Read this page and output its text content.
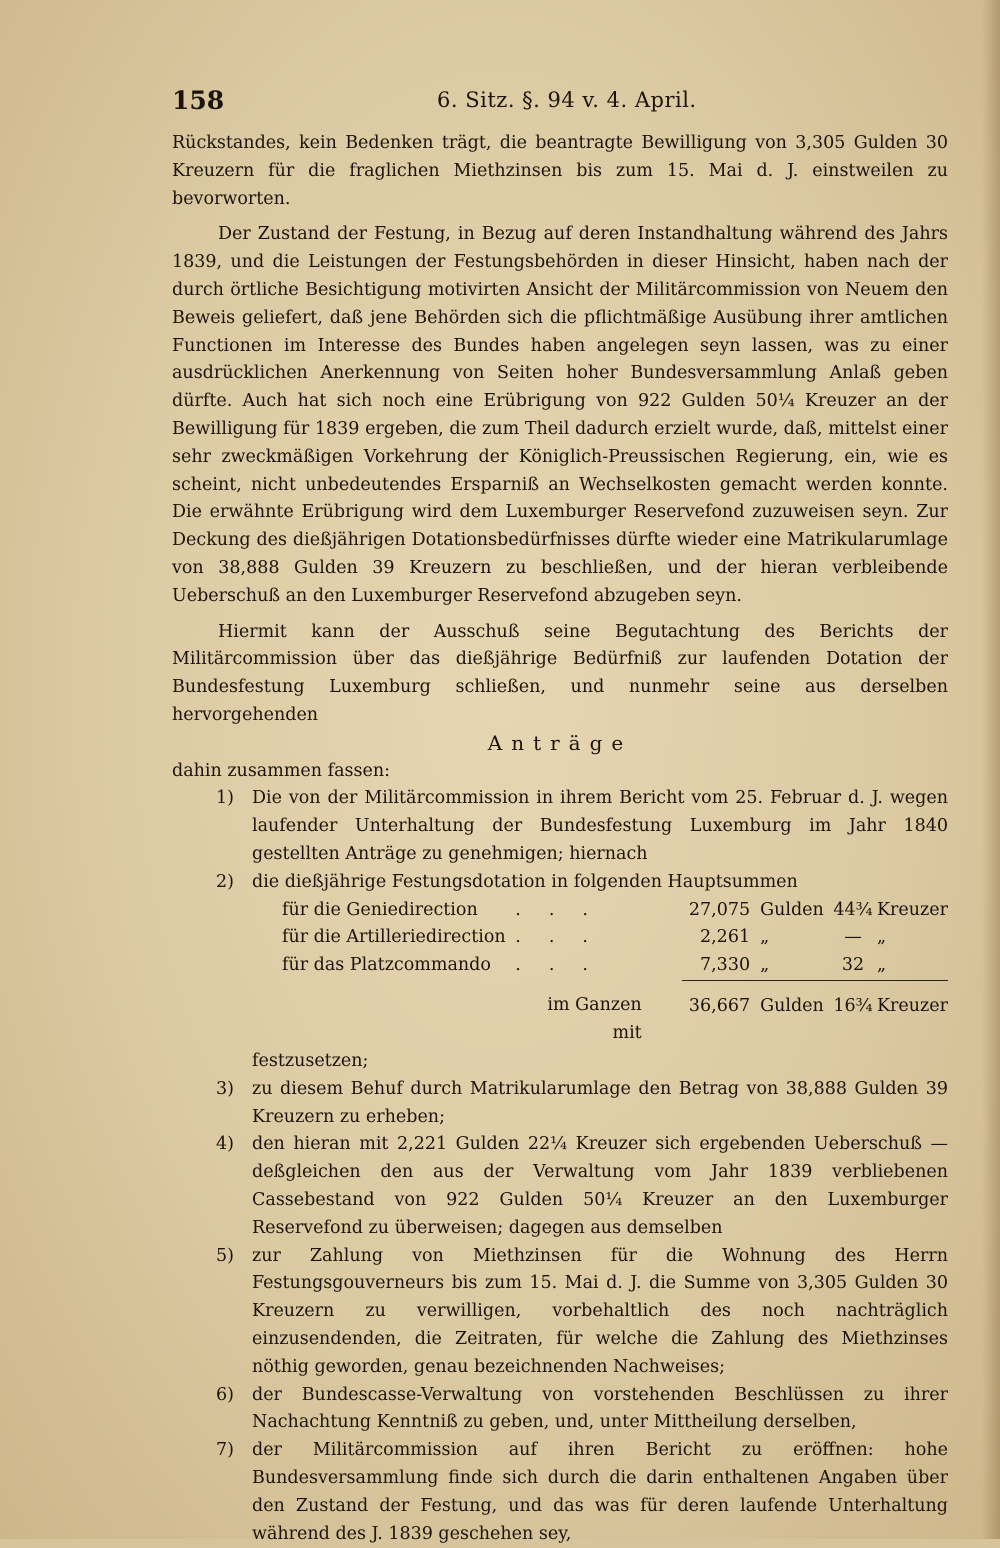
158	6. Sitz. §. 94 v. 4. April.

Rückstandes, kein Bedenken trägt, die beantragte Bewilligung von 3,305 Gulden 30 Kreuzern für die fraglichen Miethzinsen bis zum 15. Mai d. J. einstweilen zu bevorworten.

Der Zustand der Festung, in Bezug auf deren Instandhaltung während des Jahrs 1839, und die Leistungen der Festungsbehörden in dieser Hinsicht, haben nach der durch örtliche Besichtigung motivirten Ansicht der Militärcommission von Neuem den Beweis geliefert, daß jene Behörden sich die pflichtmäßige Ausübung ihrer amtlichen Functionen im Interesse des Bundes haben angelegen seyn lassen, was zu einer ausdrücklichen Anerkennung von Seiten hoher Bundesversammlung Anlaß geben dürfte. Auch hat sich noch eine Erübrigung von 922 Gulden 50¼ Kreuzer an der Bewilligung für 1839 ergeben, die zum Theil dadurch erzielt wurde, daß, mittelst einer sehr zweckmäßigen Vorkehrung der Königlich-Preussischen Regierung, ein, wie es scheint, nicht unbedeutendes Ersparniß an Wechselkosten gemacht werden konnte. Die erwähnte Erübrigung wird dem Luxemburger Reservefond zuzuweisen seyn. Zur Deckung des dießjährigen Dotationsbedürfnisses dürfte wieder eine Matrikularumlage von 38,888 Gulden 39 Kreuzern zu beschließen, und der hieran verbleibende Ueberschuß an den Luxemburger Reservefond abzugeben seyn.

Hiermit kann der Ausschuß seine Begutachtung des Berichts der Militärcommission über das dießjährige Bedürfniß zur laufenden Dotation der Bundesfestung Luxemburg schließen, und nunmehr seine aus derselben hervorgehenden

Anträge

dahin zusammen fassen:

1) Die von der Militärcommission in ihrem Bericht vom 25. Februar d. J. wegen laufender Unterhaltung der Bundesfestung Luxemburg im Jahr 1840 gestellten Anträge zu genehmigen; hiernach

2) die dießjährige Festungsdotation in folgenden Hauptsummen

für die Geniedirection	...	27,075	Gulden	44¾	Kreuzer
für die Artilleriedirection	...	2,261	„	—	„
für das Platzcommando	...	7,330	„	32	„
	im Ganzen mit	36,667	Gulden	16¾	Kreuzer

festzusetzen;

3) zu diesem Behuf durch Matrikularumlage den Betrag von 38,888 Gulden 39 Kreuzern zu erheben;

4) den hieran mit 2,221 Gulden 22¼ Kreuzer sich ergebenden Ueberschuß — deßgleichen den aus der Verwaltung vom Jahr 1839 verbliebenen Cassebestand von 922 Gulden 50¼ Kreuzer an den Luxemburger Reservefond zu überweisen; dagegen aus demselben

5) zur Zahlung von Miethzinsen für die Wohnung des Herrn Festungsgouverneurs bis zum 15. Mai d. J. die Summe von 3,305 Gulden 30 Kreuzern zu verwilligen, vorbehaltlich des noch nachträglich einzusendenden, die Zeitraten, für welche die Zahlung des Miethzinses nöthig geworden, genau bezeichnenden Nachweises;

6) der Bundescasse-Verwaltung von vorstehenden Beschlüssen zu ihrer Nachachtung Kenntniß zu geben, und, unter Mittheilung derselben,

7) der Militärcommission auf ihren Bericht zu eröffnen: hohe Bundesversammlung finde sich durch die darin enthaltenen Angaben über den Zustand der Festung, und das was für deren laufende Unterhaltung während des J. 1839 geschehen sey,
